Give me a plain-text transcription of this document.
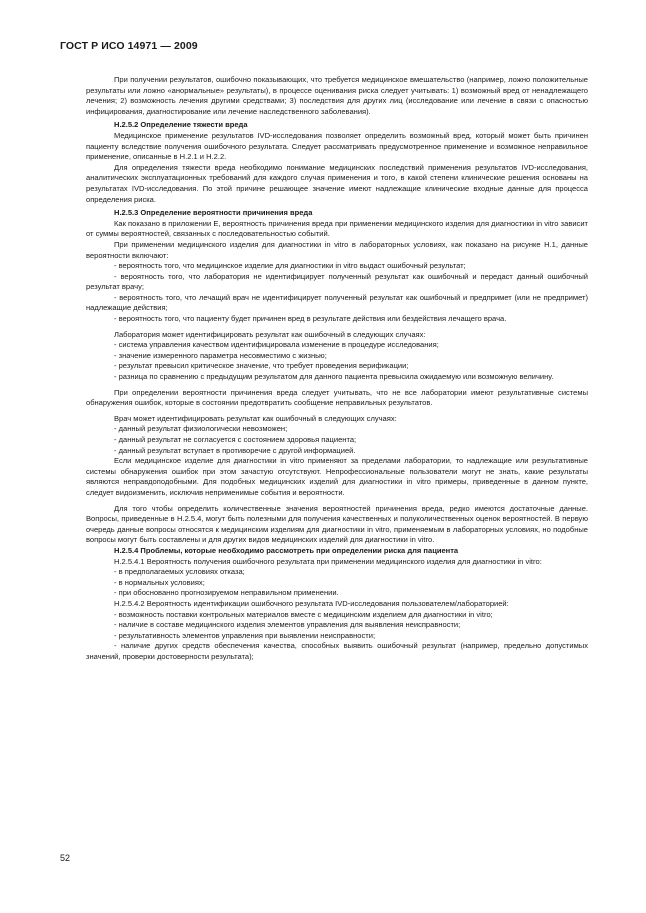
ГОСТ Р ИСО 14971 — 2009

При получении результатов, ошибочно показывающих, что требуется медицинское вмешательство (например, ложно положительные результаты или ложно «анормальные» результаты), в процессе оценивания риска следует учитывать: 1) возможный вред от ненадлежащего лечения; 2) возможность лечения другими средствами; 3) последствия для других лиц (исследование или лечение в связи с опасностью инфицирования, диагностирование или лечение наследственного заболевания).

Н.2.5.2 Определение тяжести вреда

Медицинское применение результатов IVD-исследования позволяет определить возможный вред, который может быть причинен пациенту вследствие получения ошибочного результата. Следует рассматривать предусмотренное применение и возможное неправильное применение, описанные в Н.2.1 и Н.2.2.

Для определения тяжести вреда необходимо понимание медицинских последствий применения результатов IVD-исследования, аналитических эксплуатационных требований для каждого случая применения и того, в какой степени клинические решения основаны на результатах IVD-исследования. По этой причине решающее значение имеют надлежащие клинические входные данные для процесса определения риска.

Н.2.5.3 Определение вероятности причинения вреда

Как показано в приложении Е, вероятность причинения вреда при применении медицинского изделия для диагностики in vitro зависит от суммы вероятностей, связанных с последовательностью событий.

При применении медицинского изделия для диагностики in vitro в лабораторных условиях, как показано на рисунке Н.1, данные вероятности включают:

- вероятность того, что медицинское изделие для диагностики in vitro выдаст ошибочный результат;

- вероятность того, что лаборатория не идентифицирует полученный результат как ошибочный и передаст данный ошибочный результат врачу;

- вероятность того, что лечащий врач не идентифицирует полученный результат как ошибочный и предпримет (или не предпримет) надлежащие действия;

- вероятность того, что пациенту будет причинен вред в результате действия или бездействия лечащего врача.

Лаборатория может идентифицировать результат как ошибочный в следующих случаях:

- система управления качеством идентифицировала изменение в процедуре исследования;

- значение измеренного параметра несовместимо с жизнью;

- результат превысил критическое значение, что требует проведения верификации;

- разница по сравнению с предыдущим результатом для данного пациента превысила ожидаемую или возможную величину.

При определении вероятности причинения вреда следует учитывать, что не все лаборатории имеют результативные системы обнаружения ошибок, которые в состоянии предотвратить сообщение неправильных результатов.

Врач может идентифицировать результат как ошибочный в следующих случаях:

- данный результат физиологически невозможен;

- данный результат не согласуется с состоянием здоровья пациента;

- данный результат вступает в противоречие с другой информацией.

Если медицинское изделие для диагностики in vitro применяют за пределами лаборатории, то надлежащие или результативные системы обнаружения ошибок при этом зачастую отсутствуют. Непрофессиональные пользователи могут не знать, какие результаты являются неправдоподобными. Для подобных медицинских изделий для диагностики in vitro примеры, приведенные в данном пункте, следует видоизменить, исключив неприменимые события и вероятности.

Для того чтобы определить количественные значения вероятностей причинения вреда, редко имеются достаточные данные. Вопросы, приведенные в Н.2.5.4, могут быть полезными для получения качественных и полуколичественных оценок вероятностей. В первую очередь данные вопросы относятся к медицинским изделиям для диагностики in vitro, применяемым в лабораторных условиях, но подобные вопросы могут быть составлены и для других видов медицинских изделий для диагностики in vitro.

Н.2.5.4 Проблемы, которые необходимо рассмотреть при определении риска для пациента

Н.2.5.4.1 Вероятность получения ошибочного результата при применении медицинского изделия для диагностики in vitro:

- в предполагаемых условиях отказа;

- в нормальных условиях;

- при обоснованно прогнозируемом неправильном применении.

Н.2.5.4.2 Вероятность идентификации ошибочного результата IVD-исследования пользователем/лабораторией:

- возможность поставки контрольных материалов вместе с медицинским изделием для диагностики in vitro;

- наличие в составе медицинского изделия элементов управления для выявления неисправности;

- результативность элементов управления при выявлении неисправности;

- наличие других средств обеспечения качества, способных выявить ошибочный результат (например, предельно допустимых значений, проверки достоверности результата);

52
